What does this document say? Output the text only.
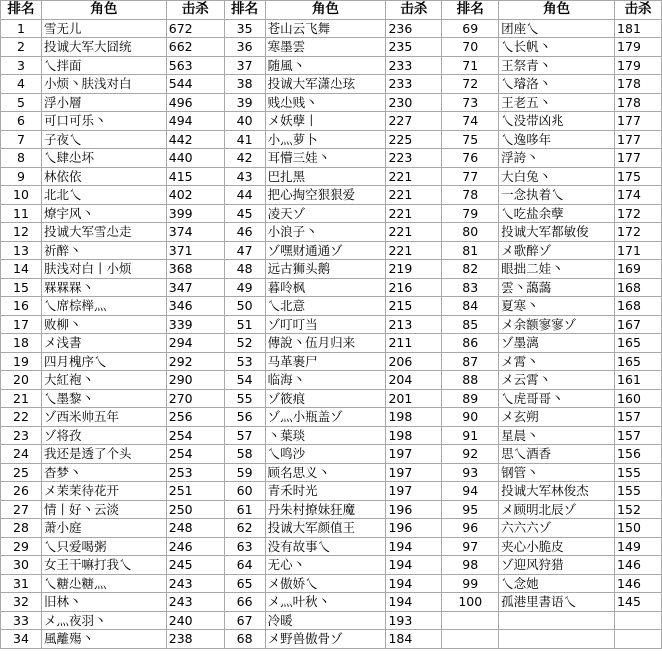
排名	角色	击杀	排名	角色	击杀	排名	角色	击杀
1	雪无儿	672	35	苍山云飞舞	236	69	团座乀	181
2	投诚大军大囧统	662	36	寒墨雲	235	70	乀长帆丶	179
3	乀拌面	563	37	随風丶	233	71	王祭青丶	179
4	小烦丶肤浅对白	544	38	投诚大军潇尐玹	233	72	乀璿洛丶	178
5	浮小層	496	39	贱尐贱丶	230	73	王老五丶	178
6	可口可乐丶	494	40	メ妖孽丨	227	74	乀没带凶兆	177
7	子夜乀	442	41	小灬萝卜	225	75	乀逸哆年	177
8	乀肆尐坏	440	42	耳懵三娃丶	223	76	浮誇丶	177
9	林依依	415	43	巴扎黑	221	77	大白兔丶	175
10	北北乀	402	44	把心掏空狠狠爱	221	78	一念执着乀	174
11	燎宇风丶	399	45	凌天ゾ	221	79	乀吃盐余孽	172
12	投诚大军雪尐走	374	46	小浪子丶	221	80	投诚大军都敏俊	172
13	祈醉丶	371	47	ゾ嘿财通通ゾ	221	81	メ歌醉ゾ	171
14	肤浅对白丨小烦	368	48	远古狮头鹅	219	82	眼拙二娃丶	169
15	槑槑槑丶	347	49	暮呤枫	216	83	雲丶藹藹	168
16	乀席棕榉灬	346	50	乀北意	215	84	夏寒丶	168
17	败柳丶	339	51	ゾ叮叮当	213	85	メ余额寥寥ゾ	167
18	メ浅書	294	52	傳說丶伍月归来	211	86	ゾ墨漓	165
19	四月槐序乀	292	53	马革裹尸	206	87	メ霄丶	165
20	大紅袍丶	290	54	临海丶	204	88	メ云霄丶	161
21	乀墨黎丶	270	55	ゾ筱痕	201	89	乀虎哥哥丶	160
22	ゾ西米帅五年	256	56	ゾ灬小瓶盖ゾ	198	90	メ玄朔	157
23	ゾ将孜	254	57	丶葉琰	198	91	星晨丶	157
24	我还是透了个头	254	58	乀鸣沙	197	92	思乀酒香	156
25	杳梦丶	253	59	顾名思义丶	197	93	钢管丶	155
26	メ茉茉待花开	251	60	青禾时光	197	94	投诚大军林俊杰	155
27	情丨好丶云淡	250	61	丹朱村撩妹狂魔	196	95	メ顾明北辰ゾ	152
28	萧小庭	248	62	投诚大军颜值王	196	96	六六六ゾ	150
29	乀只爱喝粥	246	63	没有故事乀	194	97	夹心小脆皮	149
30	女王干嘛打我乀	245	64	无心丶	194	98	ゾ迎风狩猎	146
31	乀糖尐糖灬	243	65	メ傲娇乀	194	99	乀念她	146
32	旧林丶	243	66	メ灬叶秋丶	194	100	孤港里書语乀	145
33	メ灬夜羽丶	240	67	冷暖	193			
34	風離殤丶	238	68	メ野兽傲骨ゾ	184			
